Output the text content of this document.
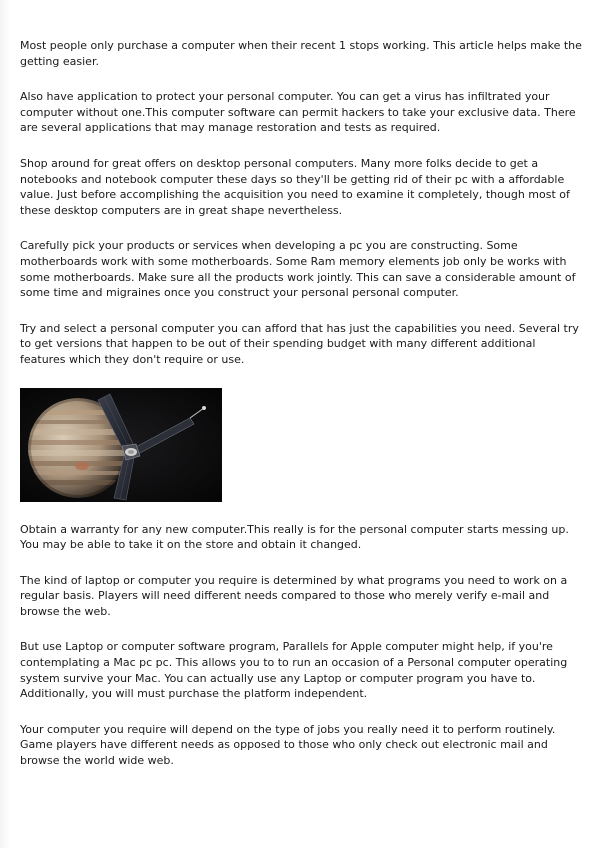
Most people only purchase a computer when their recent 1 stops working. This article helps make the getting easier.

Also have application to protect your personal computer. You can get a virus has infiltrated your computer without one.This computer software can permit hackers to take your exclusive data. There are several applications that may manage restoration and tests as required.

Shop around for great offers on desktop personal computers. Many more folks decide to get a notebooks and notebook computer these days so they'll be getting rid of their pc with a affordable value. Just before accomplishing the acquisition you need to examine it completely, though most of these desktop computers are in great shape nevertheless.

Carefully pick your products or services when developing a pc you are constructing. Some motherboards work with some motherboards. Some Ram memory elements job only be works with some motherboards. Make sure all the products work jointly. This can save a considerable amount of some time and migraines once you construct your personal personal computer.

Try and select a personal computer you can afford that has just the capabilities you need. Several try to get versions that happen to be out of their spending budget with many different additional features which they don't require or use.

Obtain a warranty for any new computer.This really is for the personal computer starts messing up. You may be able to take it on the store and obtain it changed.

The kind of laptop or computer you require is determined by what programs you need to work on a regular basis. Players will need different needs compared to those who merely verify e-mail and browse the web.

But use Laptop or computer software program, Parallels for Apple computer might help, if you're contemplating a Mac pc pc. This allows you to to run an occasion of a Personal computer operating system survive your Mac. You can actually use any Laptop or computer program you have to. Additionally, you will must purchase the platform independent.

Your computer you require will depend on the type of jobs you really need it to perform routinely. Game players have different needs as opposed to those who only check out electronic mail and browse the world wide web.
